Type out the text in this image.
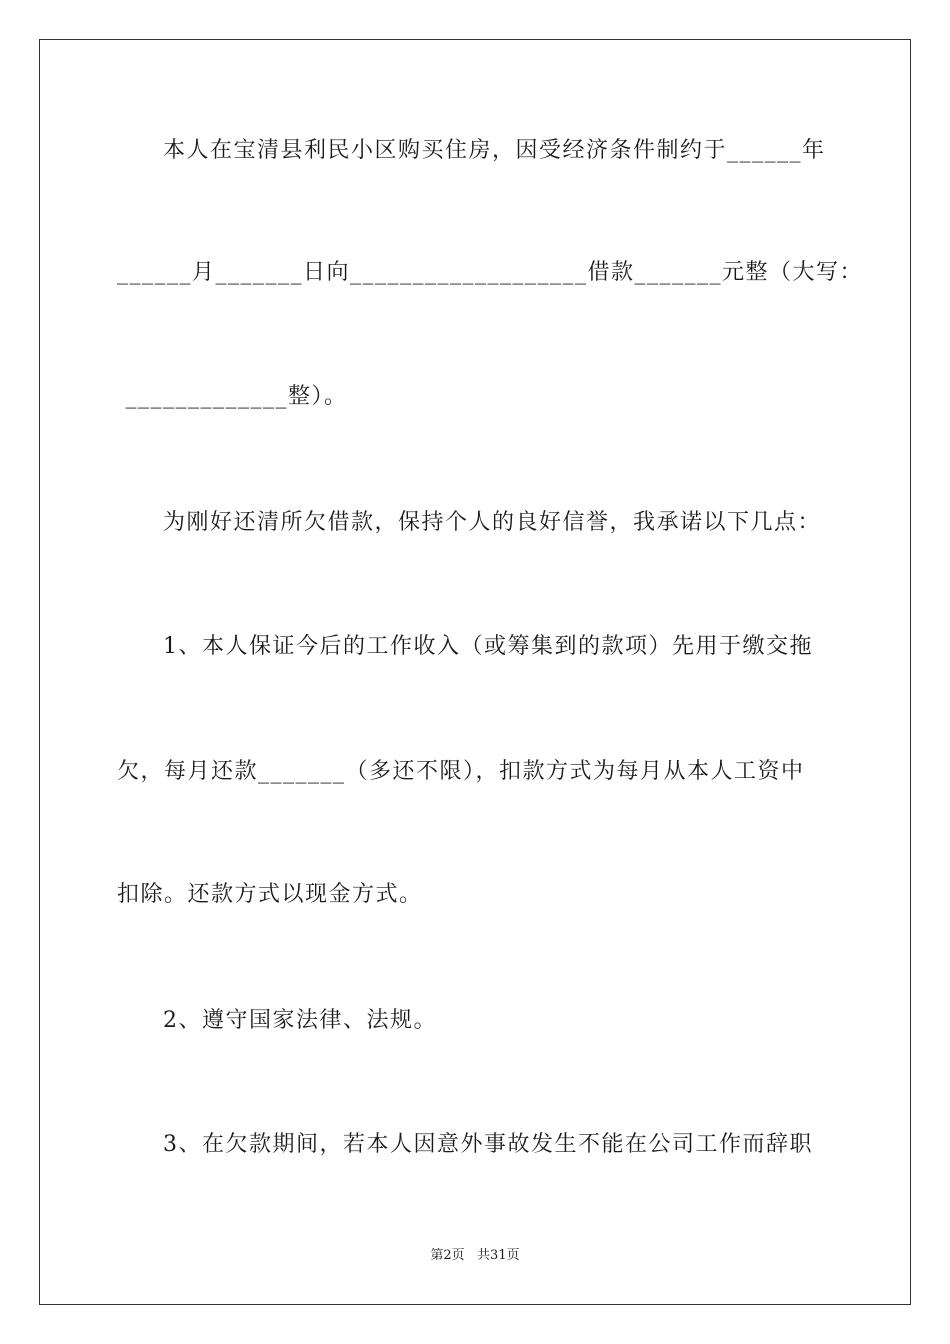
本人在宝清县利民小区购买住房，因受经济条件制约于______年
______月_______日向___________________借款_______元整（大写：
_____________整）。
为刚好还清所欠借款，保持个人的良好信誉，我承诺以下几点：
1、本人保证今后的工作收入（或筹集到的款项）先用于缴交拖
欠，每月还款_______（多还不限），扣款方式为每月从本人工资中
扣除。还款方式以现金方式。
2、遵守国家法律、法规。
3、在欠款期间，若本人因意外事故发生不能在公司工作而辞职
第2页   共31页
